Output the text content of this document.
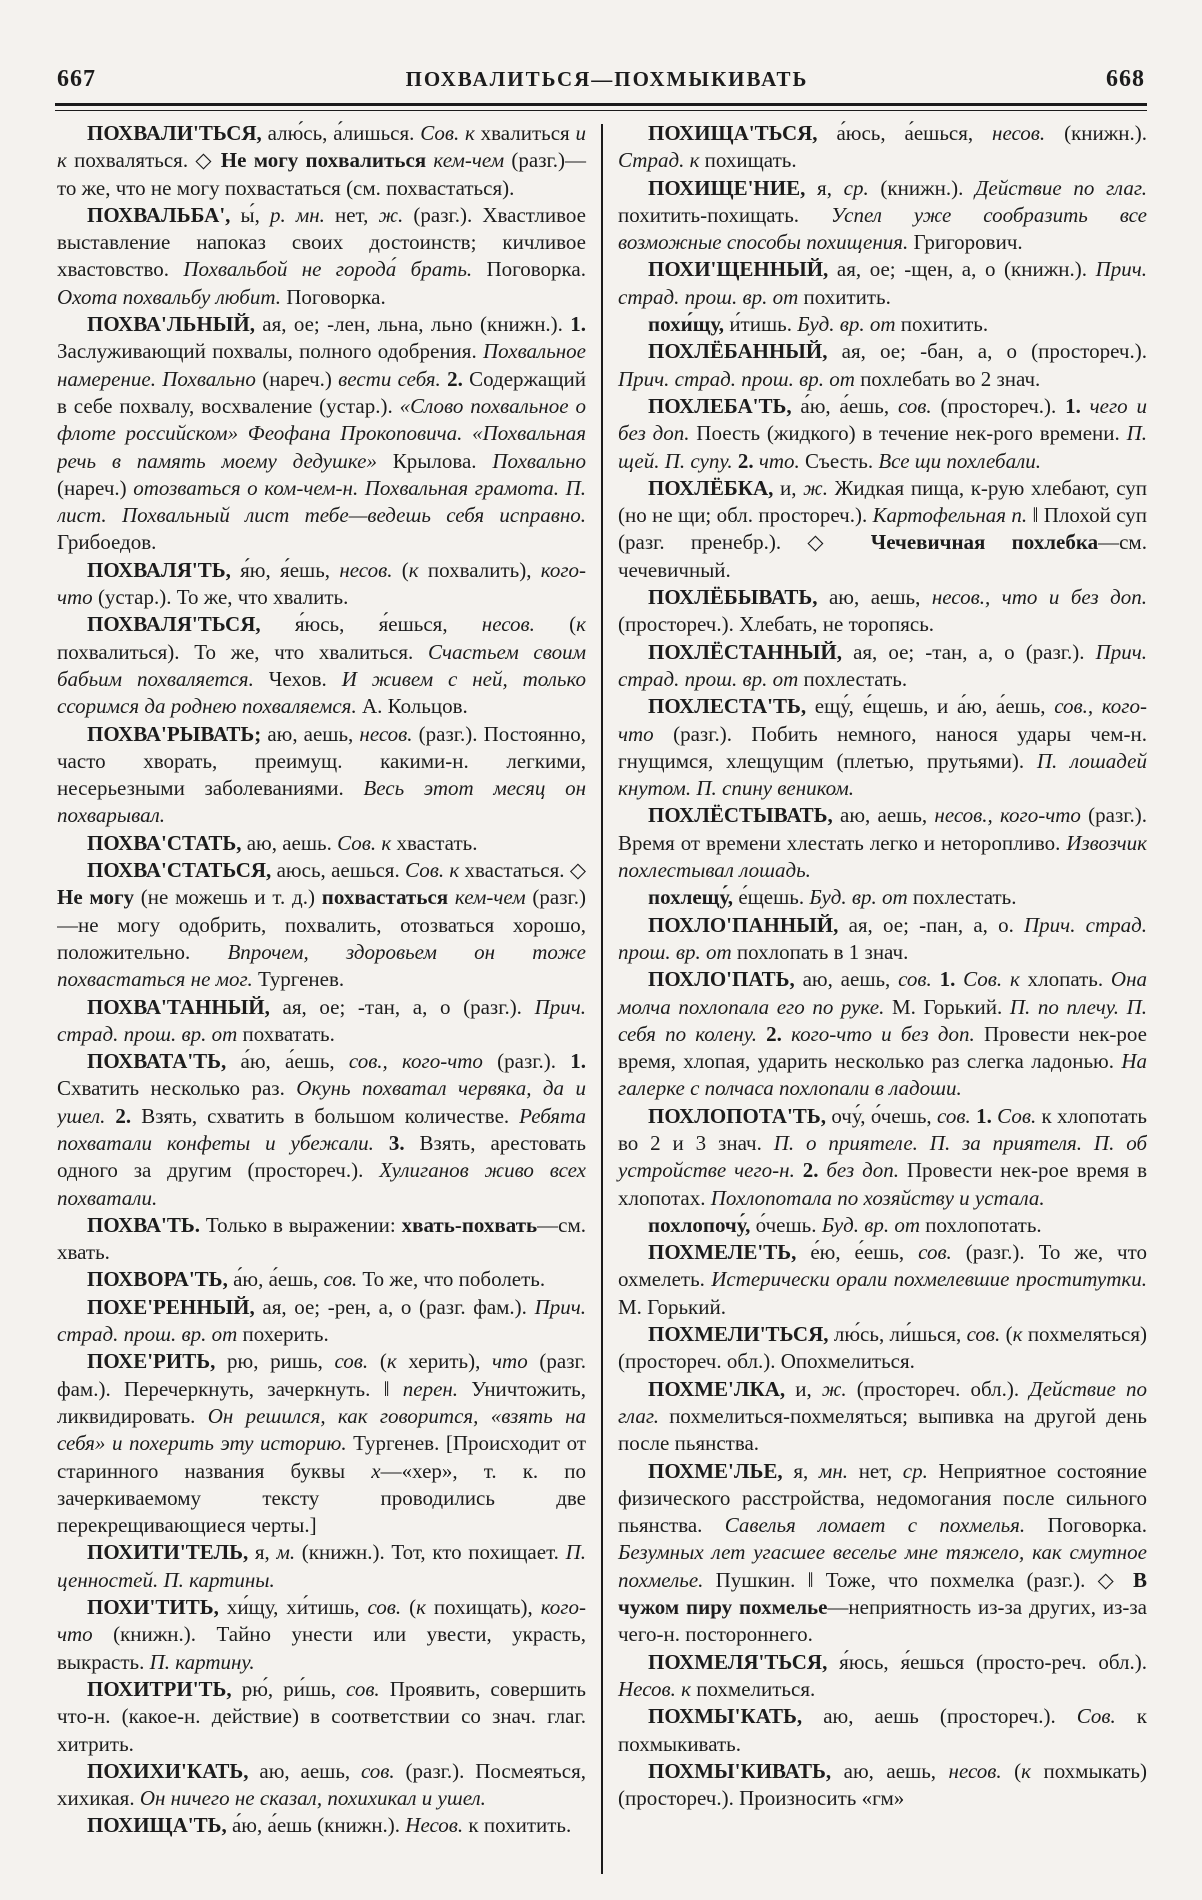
667	ПОХВАЛИТЬСЯ—ПОХМЫКИВАТЬ	668

ПОХВАЛИ'ТЬСЯ, алю́сь, а́лишься. Сов. к хвалиться и к похваляться. ◇ Не могу похвалиться кем-чем (разг.)—то же, что не могу похвастаться (см. похвастаться).

ПОХВАЛЬБА', ы́, р. мн. нет, ж. (разг.). Хвастливое выставление напоказ своих достоинств; кичливое хвастовство. Похвальбой не города́ брать. Поговорка. Охота похвальбу любит. Поговорка.

ПОХВА'ЛЬНЫЙ, ая, ое; -лен, льна, льно (книжн.). 1. Заслуживающий похвалы, полного одобрения. Похвальное намерение. Похвально (нареч.) вести себя. 2. Содержащий в себе похвалу, восхваление (устар.). «Слово похвальное о флоте российском» Феофана Прокоповича. «Похвальная речь в память моему дедушке» Крылова. Похвально (нареч.) отозваться о ком-чем-н. Похвальная грамота. П. лист. Похвальный лист тебе—ведешь себя исправно. Грибоедов.

ПОХВАЛЯ'ТЬ, я́ю, я́ешь, несов. (к похвалить), кого-что (устар.). То же, что хвалить.

ПОХВАЛЯ'ТЬСЯ, я́юсь, я́ешься, несов. (к похвалиться). То же, что хвалиться. Счастьем своим бабьим похваляется. Чехов. И живем с ней, только ссоримся да роднею похваляемся. А. Кольцов.

ПОХВА'РЫВАТЬ; аю, аешь, несов. (разг.). Постоянно, часто хворать, преимущ. какими-н. легкими, несерьезными заболеваниями. Весь этот месяц он похварывал.

ПОХВА'СТАТЬ, аю, аешь. Сов. к хвастать.

ПОХВА'СТАТЬСЯ, аюсь, аешься. Сов. к хвастаться. ◇ Не могу (не можешь и т. д.) похвастаться кем-чем (разг.)—не могу одобрить, похвалить, отозваться хорошо, положительно. Впрочем, здоровьем он тоже похвастаться не мог. Тургенев.

ПОХВА'ТАННЫЙ, ая, ое; -тан, а, о (разг.). Прич. страд. прош. вр. от похватать.

ПОХВАТА'ТЬ, а́ю, а́ешь, сов., кого-что (разг.). 1. Схватить несколько раз. Окунь похватал червяка, да и ушел. 2. Взять, схватить в большом количестве. Ребята похватали конфеты и убежали. 3. Взять, арестовать одного за другим (простореч.). Хулиганов живо всех похватали.

ПОХВА'ТЬ. Только в выражении: хвать-похвать—см. хвать.

ПОХВОРА'ТЬ, а́ю, а́ешь, сов. То же, что поболеть.

ПОХЕ'РЕННЫЙ, ая, ое; -рен, а, о (разг. фам.). Прич. страд. прош. вр. от похерить.

ПОХЕ'РИТЬ, рю, ришь, сов. (к херить), что (разг. фам.). Перечеркнуть, зачеркнуть. ‖ перен. Уничтожить, ликвидировать. Он решился, как говорится, «взять на себя» и похерить эту историю. Тургенев. [Происходит от старинного названия буквы х—«хер», т. к. по зачеркиваемому тексту проводились две перекрещивающиеся черты.]

ПОХИТИ'ТЕЛЬ, я, м. (книжн.). Тот, кто похищает. П. ценностей. П. картины.

ПОХИ'ТИТЬ, хи́щу, хи́тишь, сов. (к похищать), кого-что (книжн.). Тайно унести или увести, украсть, выкрасть. П. картину.

ПОХИТРИ'ТЬ, рю́, ри́шь, сов. Проявить, совершить что-н. (какое-н. действие) в соответствии со знач. глаг. хитрить.

ПОХИХИ'КАТЬ, аю, аешь, сов. (разг.). Посмеяться, хихикая. Он ничего не сказал, похихикал и ушел.

ПОХИЩА'ТЬ, а́ю, а́ешь (книжн.). Несов. к похитить.

ПОХИЩА'ТЬСЯ, а́юсь, а́ешься, несов. (книжн.). Страд. к похищать.

ПОХИЩЕ'НИЕ, я, ср. (книжн.). Действие по глаг. похитить-похищать. Успел уже сообразить все возможные способы похищения. Григорович.

ПОХИ'ЩЕННЫЙ, ая, ое; -щен, а, о (книжн.). Прич. страд. прош. вр. от похитить.

похи́щу, и́тишь. Буд. вр. от похитить.

ПОХЛЁБАННЫЙ, ая, ое; -бан, а, о (простореч.). Прич. страд. прош. вр. от похлебать во 2 знач.

ПОХЛЕБА'ТЬ, а́ю, а́ешь, сов. (простореч.). 1. чего и без доп. Поесть (жидкого) в течение нек-рого времени. П. щей. П. супу. 2. что. Съесть. Все щи похлебали.

ПОХЛЁБКА, и, ж. Жидкая пища, к-рую хлебают, суп (но не щи; обл. простореч.). Картофельная п. ‖ Плохой суп (разг. пренебр.). ◇ Чечевичная похлебка—см. чечевичный.

ПОХЛЁБЫВАТЬ, аю, аешь, несов., что и без доп. (простореч.). Хлебать, не торопясь.

ПОХЛЁСТАННЫЙ, ая, ое; -тан, а, о (разг.). Прич. страд. прош. вр. от похлестать.

ПОХЛЕСТА'ТЬ, ещу́, е́щешь, и а́ю, а́ешь, сов., кого-что (разг.). Побить немного, нанося удары чем-н. гнущимся, хлещущим (плетью, прутьями). П. лошадей кнутом. П. спину веником.

ПОХЛЁСТЫВАТЬ, аю, аешь, несов., кого-что (разг.). Время от времени хлестать легко и неторопливо. Извозчик похлестывал лошадь.

похлещу́, е́щешь. Буд. вр. от похлестать.

ПОХЛО'ПАННЫЙ, ая, ое; -пан, а, о. Прич. страд. прош. вр. от похлопать в 1 знач.

ПОХЛО'ПАТЬ, аю, аешь, сов. 1. Сов. к хлопать. Она молча похлопала его по руке. М. Горький. П. по плечу. П. себя по колену. 2. кого-что и без доп. Провести нек-рое время, хлопая, ударить несколько раз слегка ладонью. На галерке с полчаса похлопали в ладоши.

ПОХЛОПОТА'ТЬ, очу́, о́чешь, сов. 1. Сов. к хлопотать во 2 и 3 знач. П. о приятеле. П. за приятеля. П. об устройстве чего-н. 2. без доп. Провести нек-рое время в хлопотах. Похлопотала по хозяйству и устала.

похлопочу́, о́чешь. Буд. вр. от похлопотать.

ПОХМЕЛЕ'ТЬ, е́ю, е́ешь, сов. (разг.). То же, что охмелеть. Истерически орали похмелевшие проститутки. М. Горький.

ПОХМЕЛИ'ТЬСЯ, лю́сь, ли́шься, сов. (к похмеляться) (простореч. обл.). Опохмелиться.

ПОХМЕ'ЛКА, и, ж. (простореч. обл.). Действие по глаг. похмелиться-похмеляться; выпивка на другой день после пьянства.

ПОХМЕ'ЛЬЕ, я, мн. нет, ср. Неприятное состояние физического расстройства, недомогания после сильного пьянства. Савелья ломает с похмелья. Поговорка. Безумных лет угасшее веселье мне тяжело, как смутное похмелье. Пушкин. ‖ Тоже, что похмелка (разг.). ◇ В чужом пиру похмелье—неприятность из-за других, из-за чего-н. постороннего.

ПОХМЕЛЯ'ТЬСЯ, я́юсь, я́ешься (просто-реч. обл.). Несов. к похмелиться.

ПОХМЫ'КАТЬ, аю, аешь (простореч.). Сов. к похмыкивать.

ПОХМЫ'КИВАТЬ, аю, аешь, несов. (к похмыкать) (простореч.). Произносить «гм»
